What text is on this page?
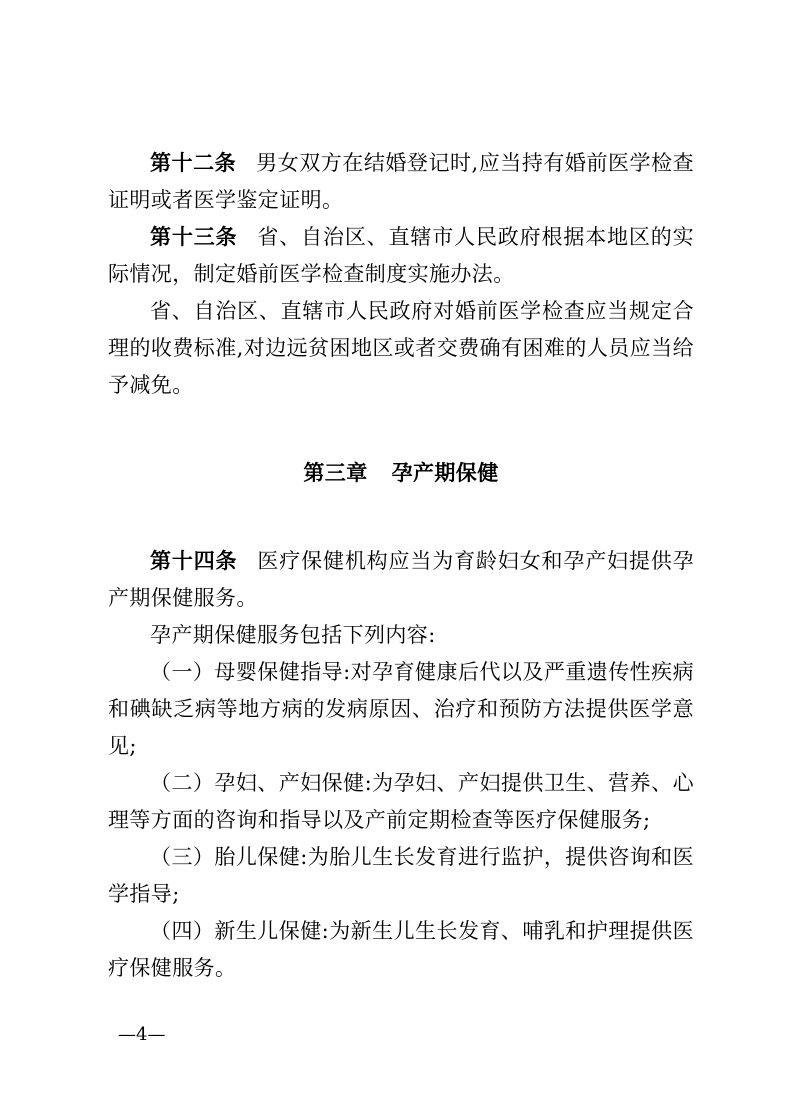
第十二条 男女双方在结婚登记时,应当持有婚前医学检查证明或者医学鉴定证明。

第十三条 省、自治区、直辖市人民政府根据本地区的实际情况，制定婚前医学检查制度实施办法。

省、自治区、直辖市人民政府对婚前医学检查应当规定合理的收费标准,对边远贫困地区或者交费确有困难的人员应当给予减免。

第三章 孕产期保健

第十四条 医疗保健机构应当为育龄妇女和孕产妇提供孕产期保健服务。

孕产期保健服务包括下列内容:

（一）母婴保健指导:对孕育健康后代以及严重遗传性疾病和碘缺乏病等地方病的发病原因、治疗和预防方法提供医学意见;

（二）孕妇、产妇保健:为孕妇、产妇提供卫生、营养、心理等方面的咨询和指导以及产前定期检查等医疗保健服务;

（三）胎儿保健:为胎儿生长发育进行监护，提供咨询和医学指导;

（四）新生儿保健:为新生儿生长发育、哺乳和护理提供医疗保健服务。

—4—
